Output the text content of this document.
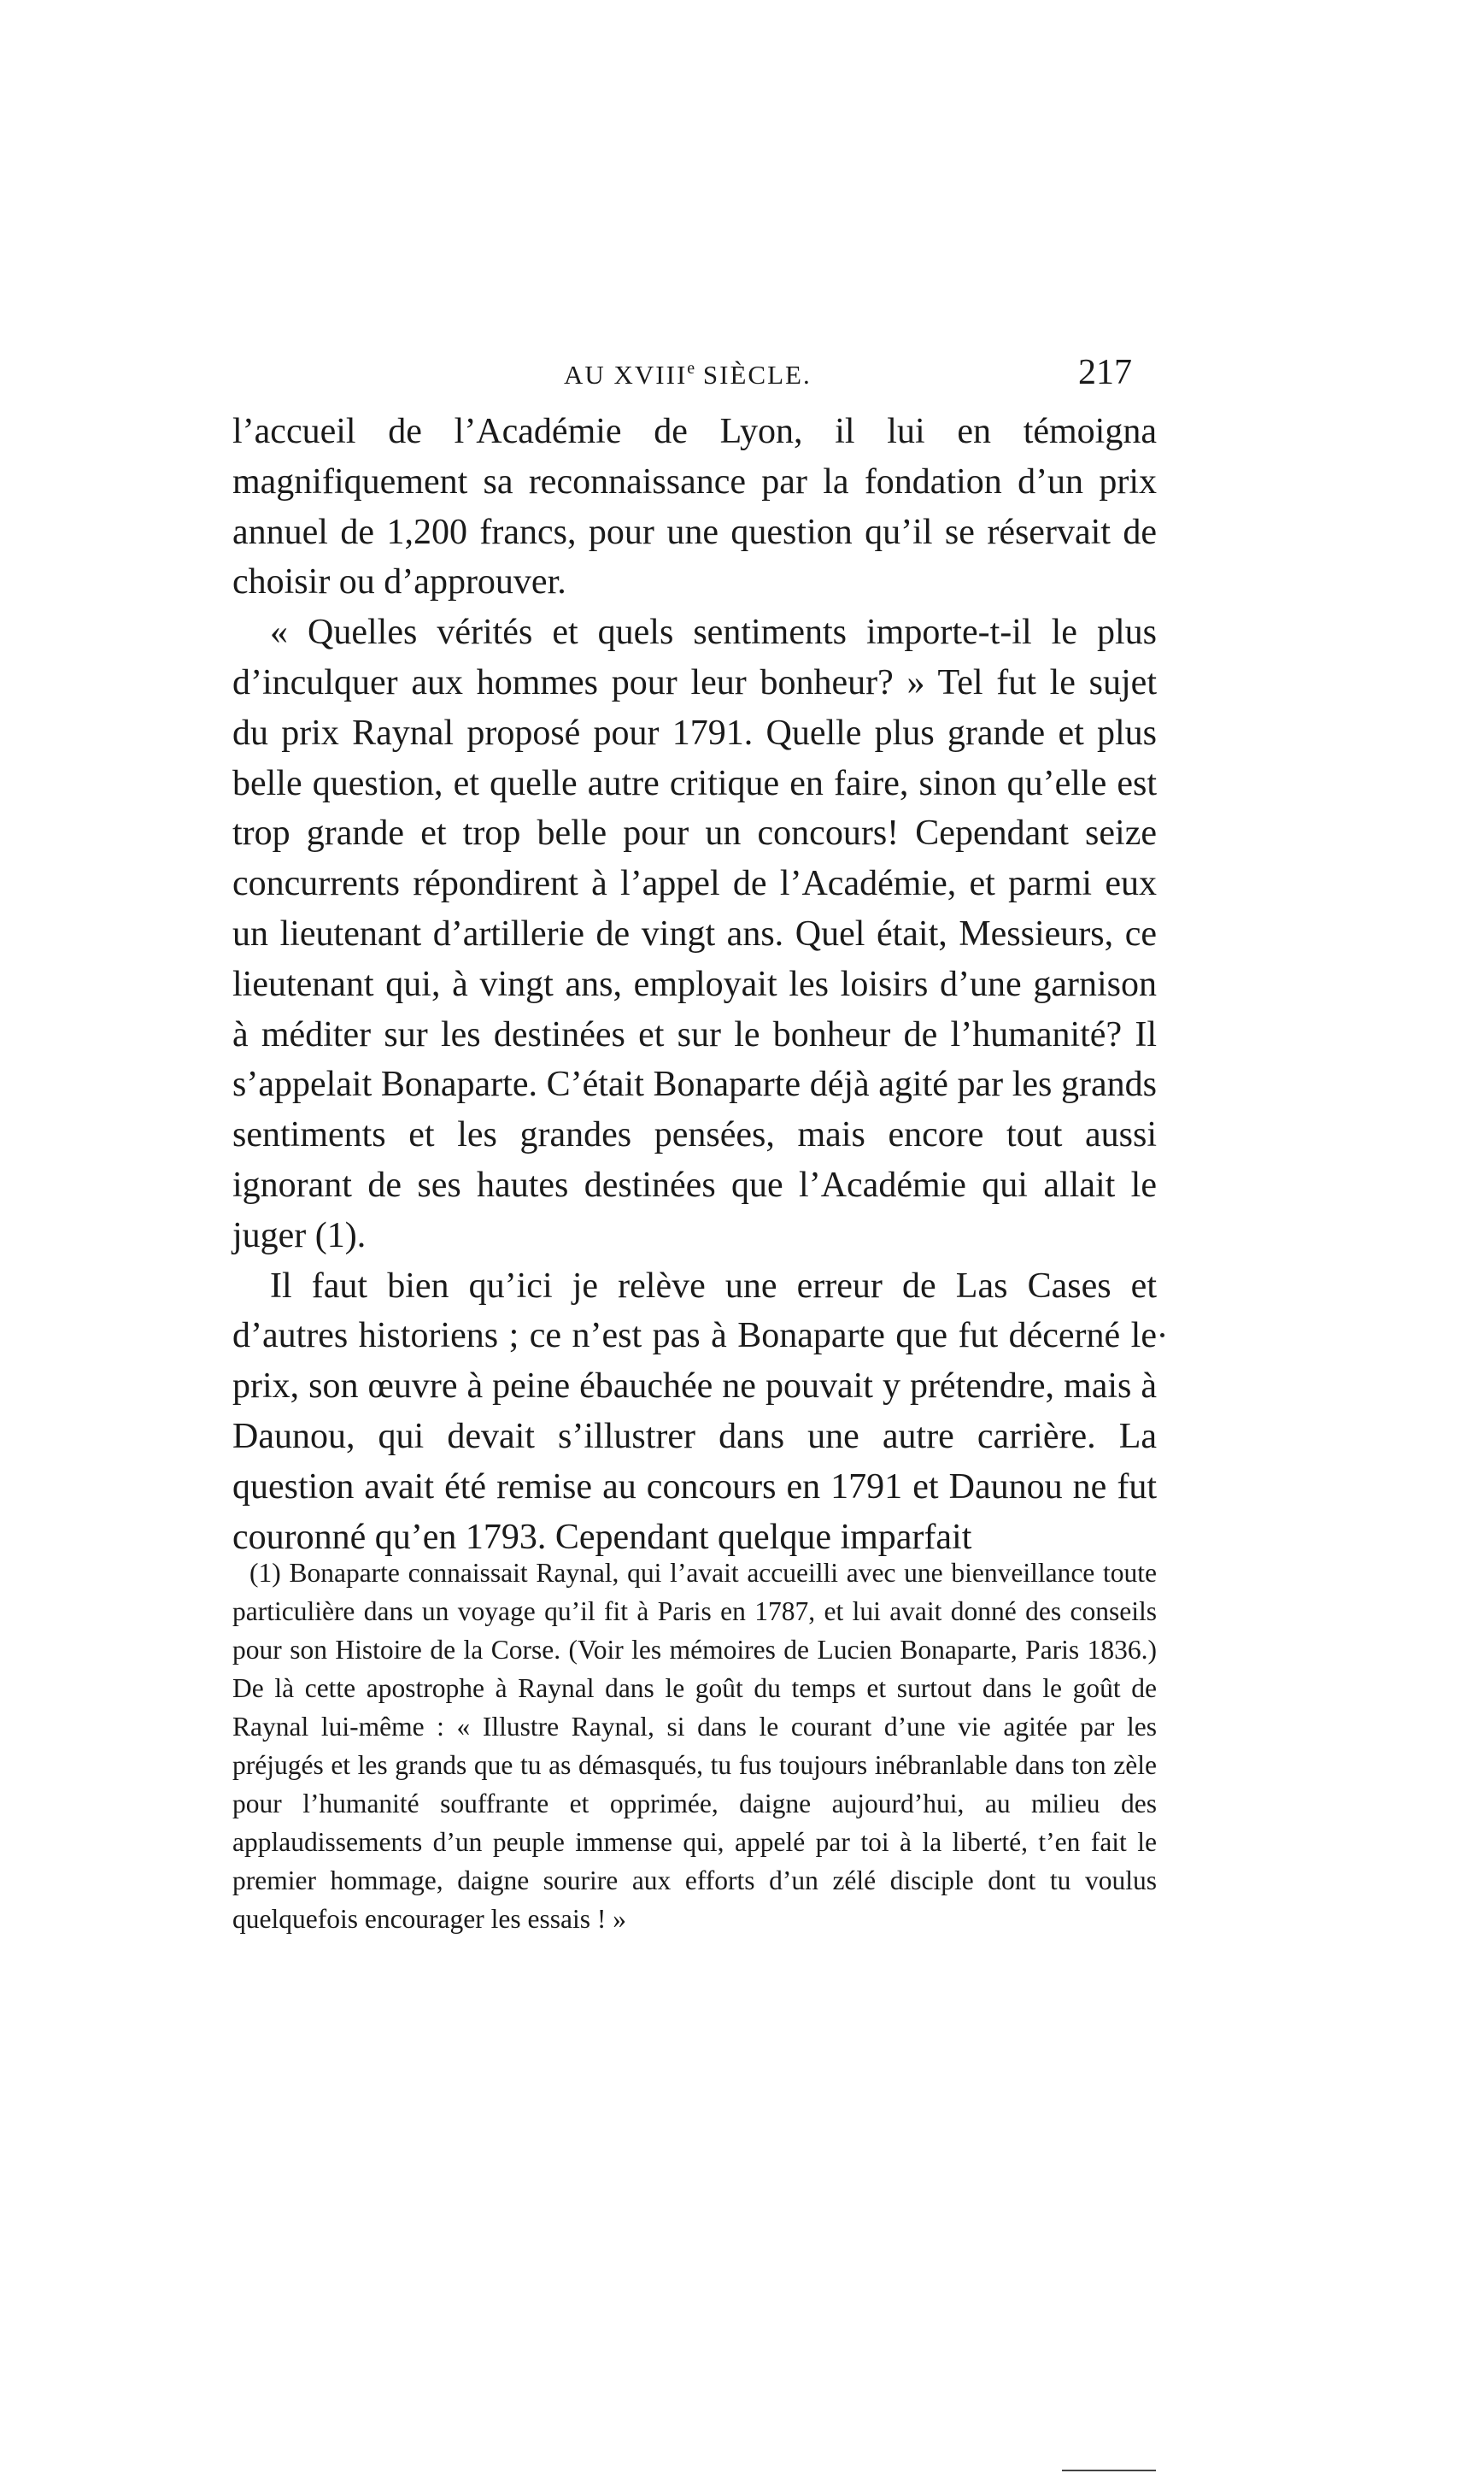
AU XVIIIe SIÈCLE.	217

l’accueil de l’Académie de Lyon, il lui en témoigna magnifiquement sa reconnaissance par la fondation d’un prix annuel de 1,200 francs, pour une question qu’il se réservait de choisir ou d’approuver.

« Quelles vérités et quels sentiments importe-t-il le plus d’inculquer aux hommes pour leur bonheur? » Tel fut le sujet du prix Raynal proposé pour 1791. Quelle plus grande et plus belle question, et quelle autre critique en faire, sinon qu’elle est trop grande et trop belle pour un concours! Cependant seize concurrents répondirent à l’appel de l’Académie, et parmi eux un lieutenant d’artillerie de vingt ans. Quel était, Messieurs, ce lieutenant qui, à vingt ans, employait les loisirs d’une garnison à méditer sur les destinées et sur le bonheur de l’humanité? Il s’appelait Bonaparte. C’était Bonaparte déjà agité par les grands sentiments et les grandes pensées, mais encore tout aussi ignorant de ses hautes destinées que l’Académie qui allait le juger (1).

Il faut bien qu’ici je relève une erreur de Las Cases et d’autres historiens ; ce n’est pas à Bonaparte que fut décerné le prix, son œuvre à peine ébauchée ne pouvait y prétendre, mais à Daunou, qui devait s’illustrer dans une autre carrière. La question avait été remise au concours en 1791 et Daunou ne fut couronné qu’en 1793. Cependant quelque imparfait

(1) Bonaparte connaissait Raynal, qui l’avait accueilli avec une bienveillance toute particulière dans un voyage qu’il fit à Paris en 1787, et lui avait donné des conseils pour son Histoire de la Corse. (Voir les mémoires de Lucien Bonaparte, Paris 1836.) De là cette apostrophe à Raynal dans le goût du temps et surtout dans le goût de Raynal lui-même : « Illustre Raynal, si dans le courant d’une vie agitée par les préjugés et les grands que tu as démasqués, tu fus toujours inébranlable dans ton zèle pour l’humanité souffrante et opprimée, daigne aujourd’hui, au milieu des applaudissements d’un peuple immense qui, appelé par toi à la liberté, t’en fait le premier hommage, daigne sourire aux efforts d’un zélé disciple dont tu voulus quelquefois encourager les essais ! »
